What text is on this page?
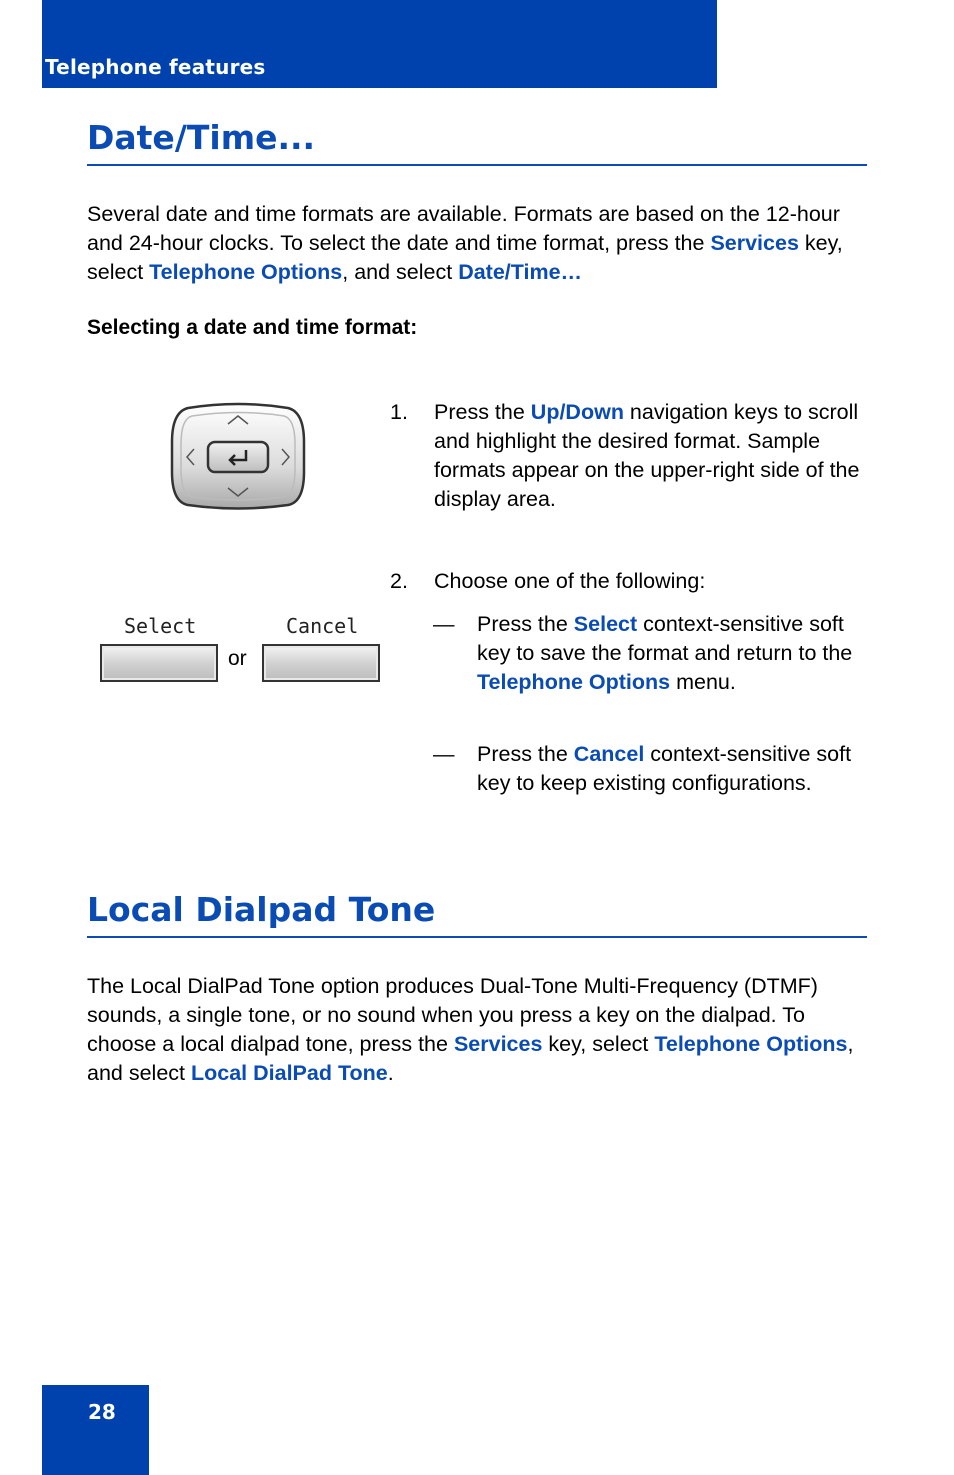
Telephone features
Date/Time...
Several date and time formats are available. Formats are based on the 12-hour and 24-hour clocks. To select the date and time format, press the Services key, select Telephone Options, and select Date/Time…
Selecting a date and time format:
1. Press the Up/Down navigation keys to scroll and highlight the desired format. Sample formats appear on the upper-right side of the display area.
2. Choose one of the following:
Select
or
Cancel	— Press the Select context-sensitive soft key to save the format and return to the Telephone Options menu.
— Press the Cancel context-sensitive soft key to keep existing configurations.
Local Dialpad Tone
The Local DialPad Tone option produces Dual-Tone Multi-Frequency (DTMF) sounds, a single tone, or no sound when you press a key on the dialpad. To choose a local dialpad tone, press the Services key, select Telephone Options, and select Local DialPad Tone.
28
